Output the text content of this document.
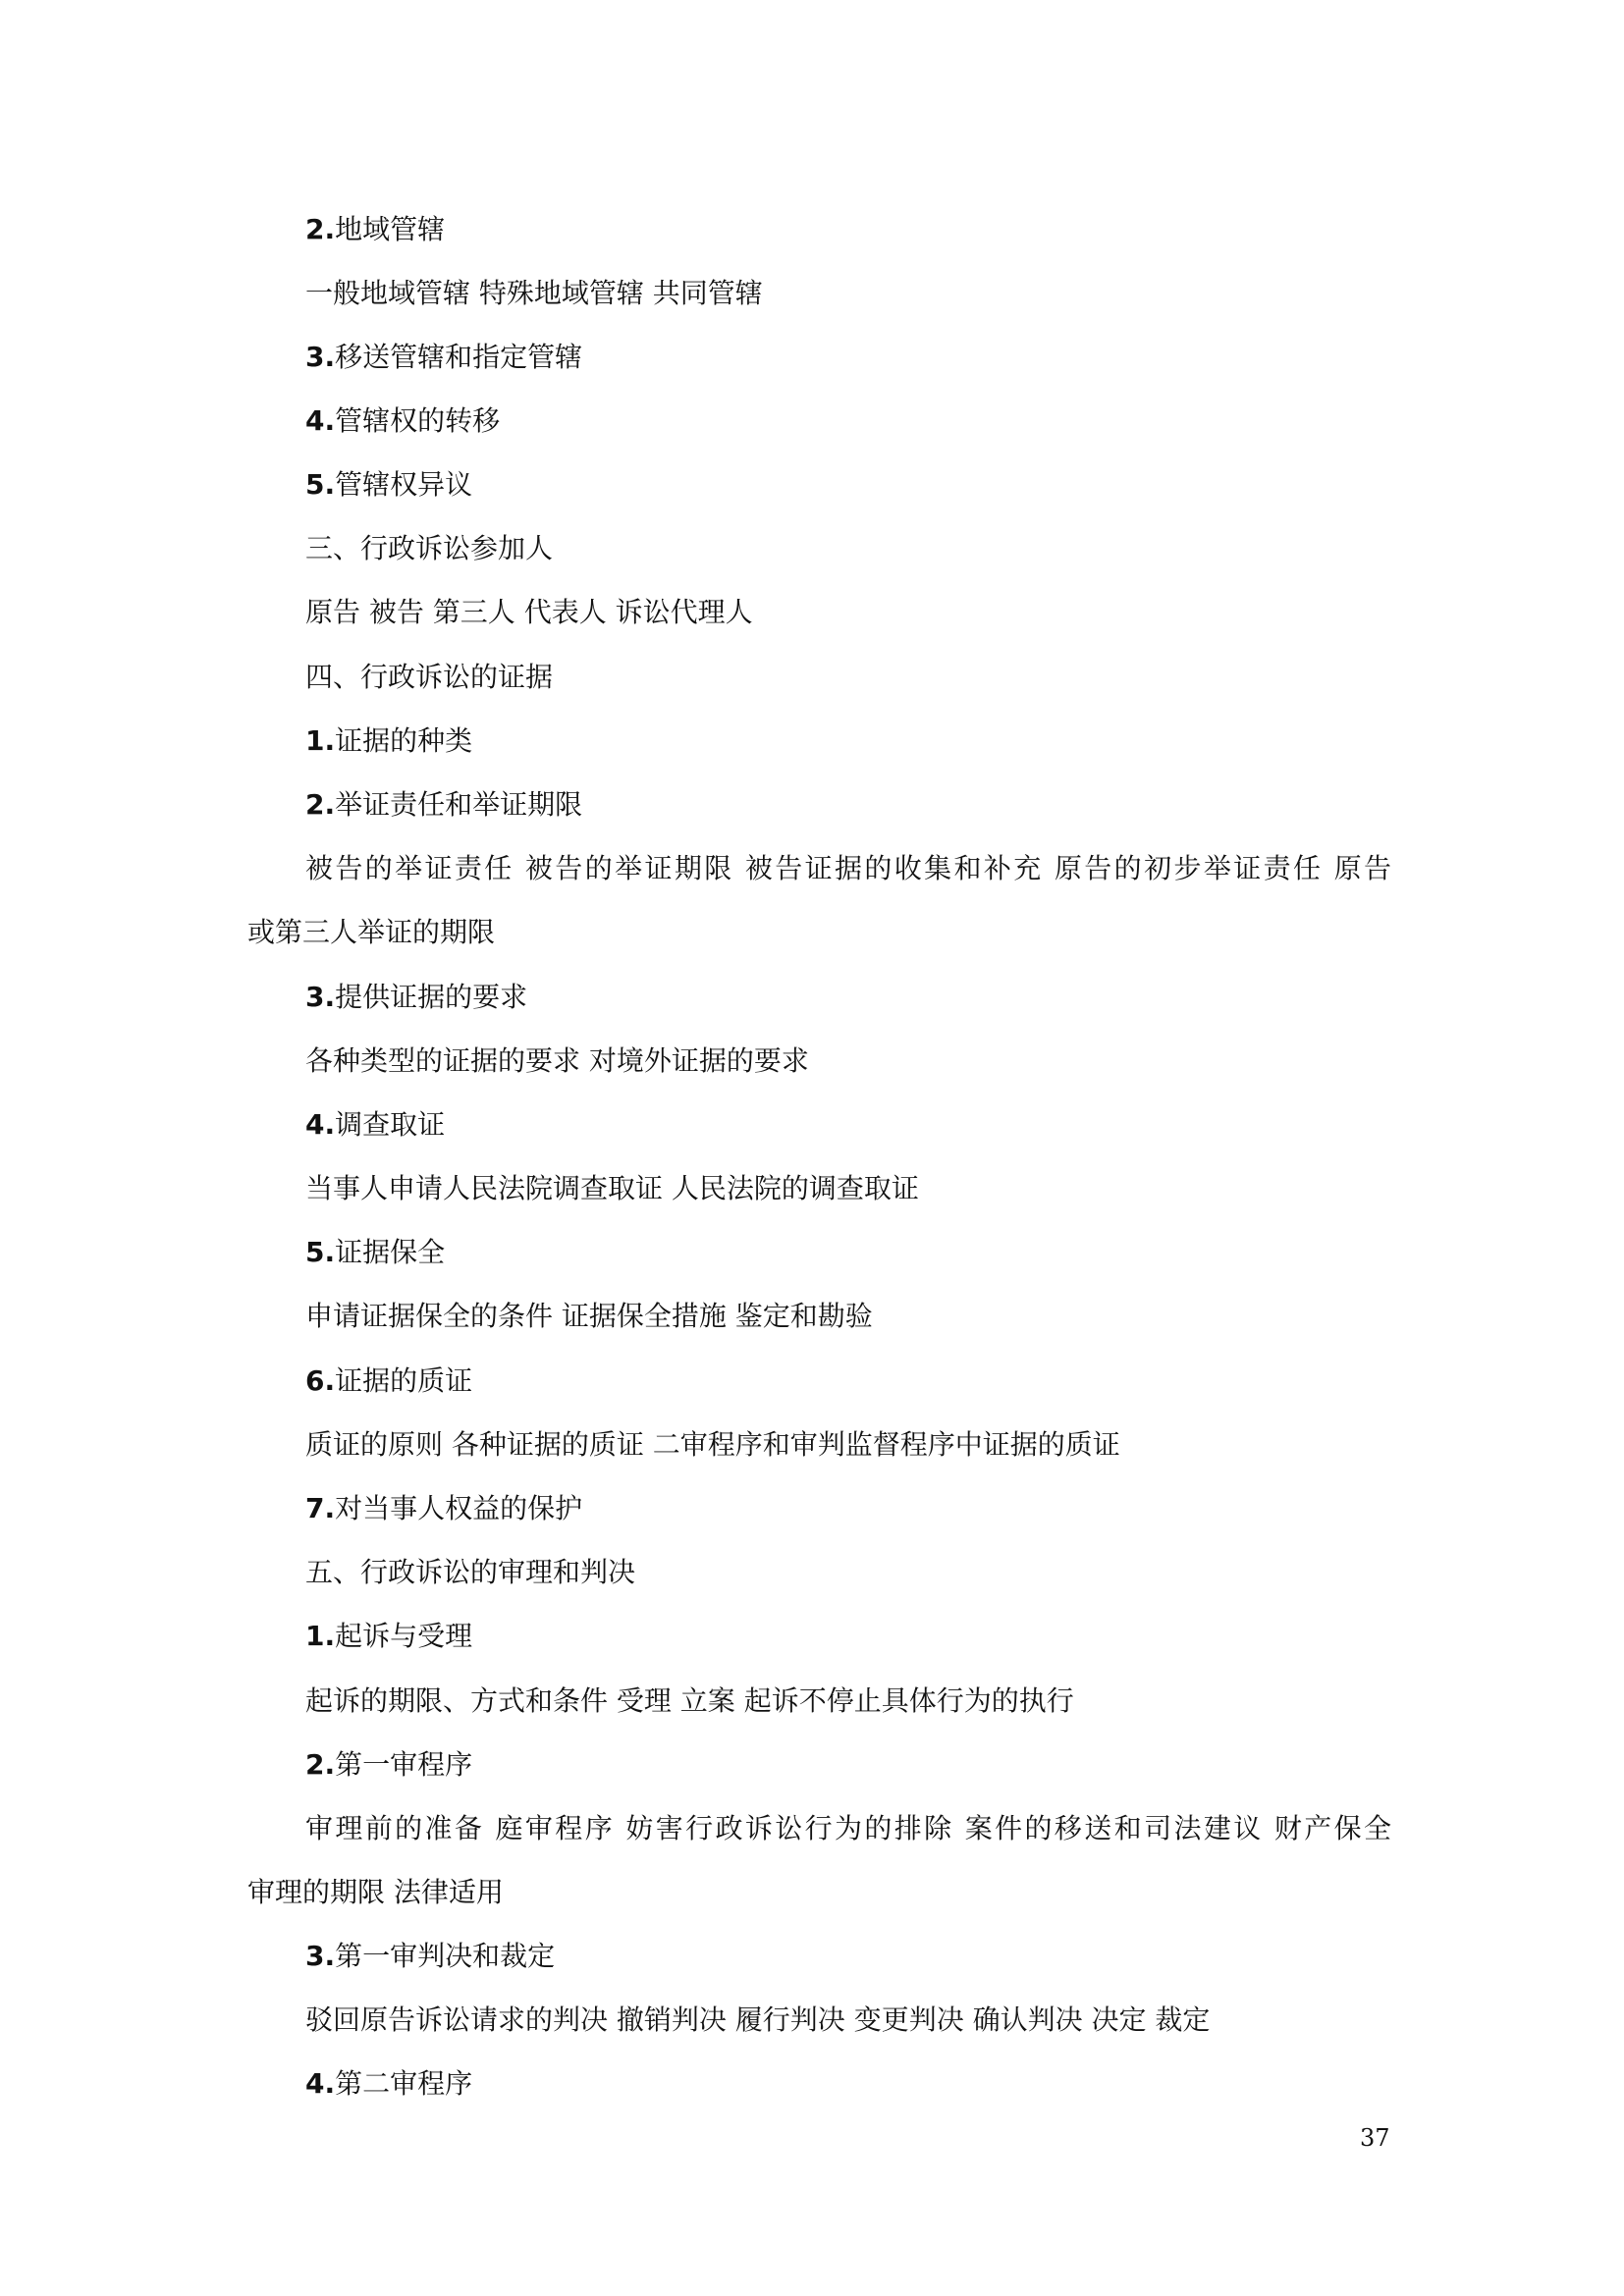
2.地域管辖
一般地域管辖 特殊地域管辖 共同管辖
3.移送管辖和指定管辖
4.管辖权的转移
5.管辖权异议
三、行政诉讼参加人
原告 被告 第三人 代表人 诉讼代理人
四、行政诉讼的证据
1.证据的种类
2.举证责任和举证期限
被告的举证责任 被告的举证期限 被告证据的收集和补充 原告的初步举证责任 原告
或第三人举证的期限
3.提供证据的要求
各种类型的证据的要求 对境外证据的要求
4.调查取证
当事人申请人民法院调查取证 人民法院的调查取证
5.证据保全
申请证据保全的条件 证据保全措施 鉴定和勘验
6.证据的质证
质证的原则 各种证据的质证 二审程序和审判监督程序中证据的质证
7.对当事人权益的保护
五、行政诉讼的审理和判决
1.起诉与受理
起诉的期限、方式和条件 受理 立案 起诉不停止具体行为的执行
2.第一审程序
审理前的准备 庭审程序 妨害行政诉讼行为的排除 案件的移送和司法建议 财产保全
审理的期限 法律适用
3.第一审判决和裁定
驳回原告诉讼请求的判决 撤销判决 履行判决 变更判决 确认判决 决定 裁定
4.第二审程序
37
